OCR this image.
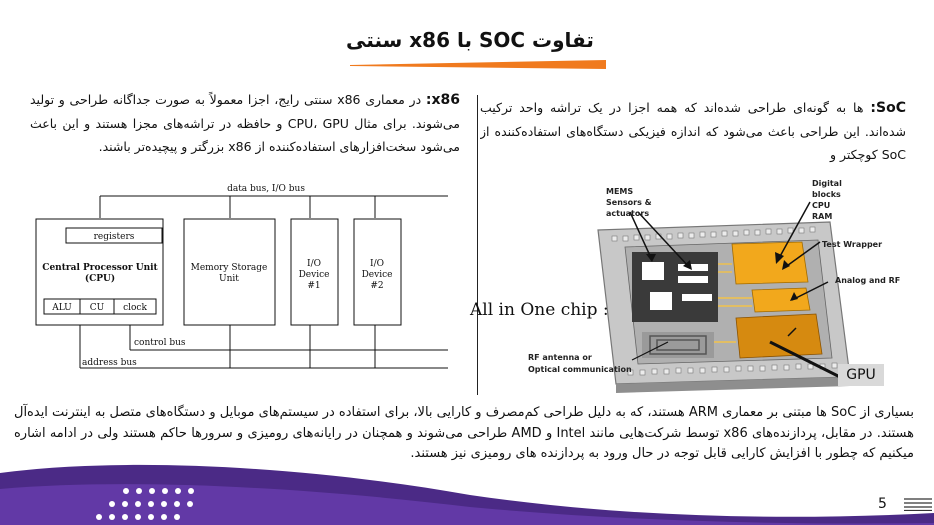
تفاوت SOC با x86 سنتی
x86: در معماری x86 سنتی رایج، اجزا معمولاً به صورت جداگانه طراحی و تولید می‌شوند. برای مثال CPU، GPU و حافظه در تراشه‌های مجزا هستند و این باعث می‌شود سخت‌افزارهای استفاده‌کننده از x86 بزرگتر و پیچیده‌تر باشند.
SoC: ها به گونه‌ای طراحی شده‌اند که همه اجزا در یک تراشه واحد ترکیب شده‌اند. این طراحی باعث می‌شود که اندازه فیزیکی دستگاه‌های استفاده‌کننده از SoC کوچکتر و
data bus, I/O bus
registers
Central Processor Unit
(CPU)
ALU CU clock
Memory Storage
Unit
I/O
Device
#1
I/O
Device
#2
control bus
address bus
MEMS
Sensors &
actuators
Digital
blocks
CPU
RAM
Test Wrapper
Analog and RF
RF antenna or
Optical communication
All in One chip :
GPU
بسیاری از SoC ها مبتنی بر معماری ARM هستند، که به دلیل طراحی کم‌مصرف و کارایی بالا، برای استفاده در سیستم‌های موبایل و دستگاه‌های متصل به اینترنت ایده‌آل هستند. در مقابل، پردازنده‌های x86 توسط شرکت‌هایی مانند Intel و AMD طراحی می‌شوند و همچنان در رایانه‌های رومیزی و سرورها حاکم هستند ولی در ادامه اشاره میکنیم که چطور با افزایش کارایی قابل توجه در حال ورود به پردازنده های رومیزی نیز هستند.
5
